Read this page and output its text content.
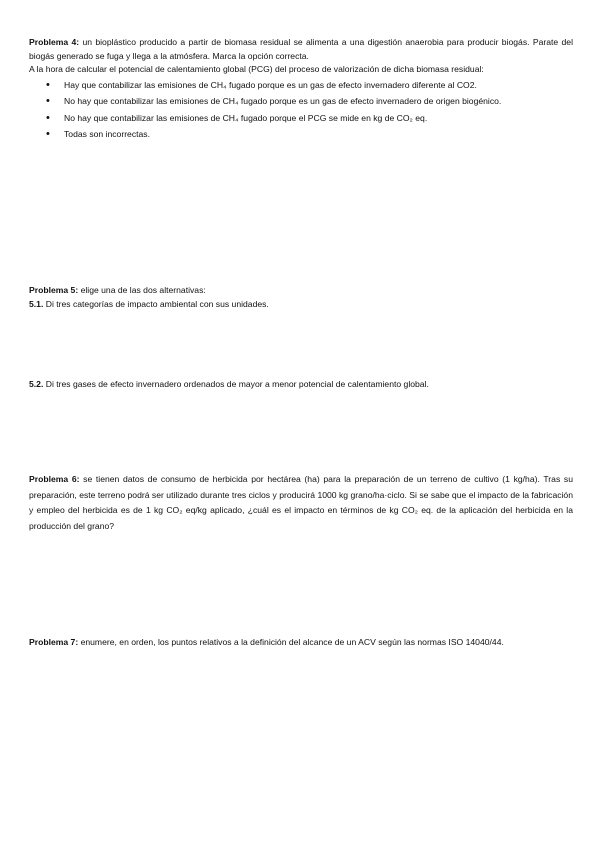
Problema 4: un bioplástico producido a partir de biomasa residual se alimenta a una digestión anaerobia para producir biogás. Parate del biogás generado se fuga y llega a la atmósfera. Marca la opción correcta.
A la hora de calcular el potencial de calentamiento global (PCG) del proceso de valorización de dicha biomasa residual:
• Hay que contabilizar las emisiones de CH₄ fugado porque es un gas de efecto invernadero diferente al CO2.
• No hay que contabilizar las emisiones de CH₄ fugado porque es un gas de efecto invernadero de origen biogénico.
• No hay que contabilizar las emisiones de CH₄ fugado porque el PCG se mide en kg de CO₂ eq.
• Todas son incorrectas.
Problema 5: elige una de las dos alternativas:
5.1. Di tres categorías de impacto ambiental con sus unidades.
5.2. Di tres gases de efecto invernadero ordenados de mayor a menor potencial de calentamiento global.
Problema 6: se tienen datos de consumo de herbicida por hectárea (ha) para la preparación de un terreno de cultivo (1 kg/ha). Tras su preparación, este terreno podrá ser utilizado durante tres ciclos y producirá 1000 kg grano/ha·ciclo. Si se sabe que el impacto de la fabricación y empleo del herbicida es de 1 kg CO₂ eq/kg aplicado, ¿cuál es el impacto en términos de kg CO₂ eq. de la aplicación del herbicida en la producción del grano?
Problema 7: enumere, en orden, los puntos relativos a la definición del alcance de un ACV según las normas ISO 14040/44.
